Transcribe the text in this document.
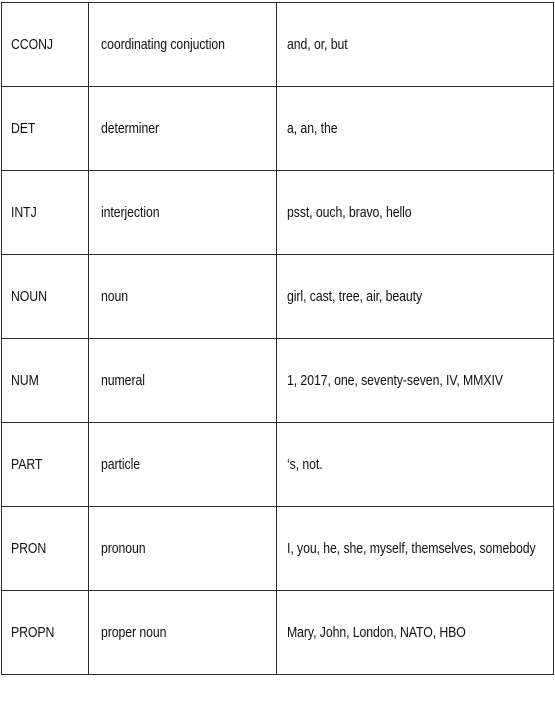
CCONJ	coordinating conjuction	and, or, but
DET	determiner	a, an, the
INTJ	interjection	psst, ouch, bravo, hello
NOUN	noun	girl, cast, tree, air, beauty
NUM	numeral	1, 2017, one, seventy-seven, IV, MMXIV
PART	particle	‘s, not.
PRON	pronoun	I, you, he, she, myself, themselves, somebody
PROPN	proper noun	Mary, John, London, NATO, HBO
